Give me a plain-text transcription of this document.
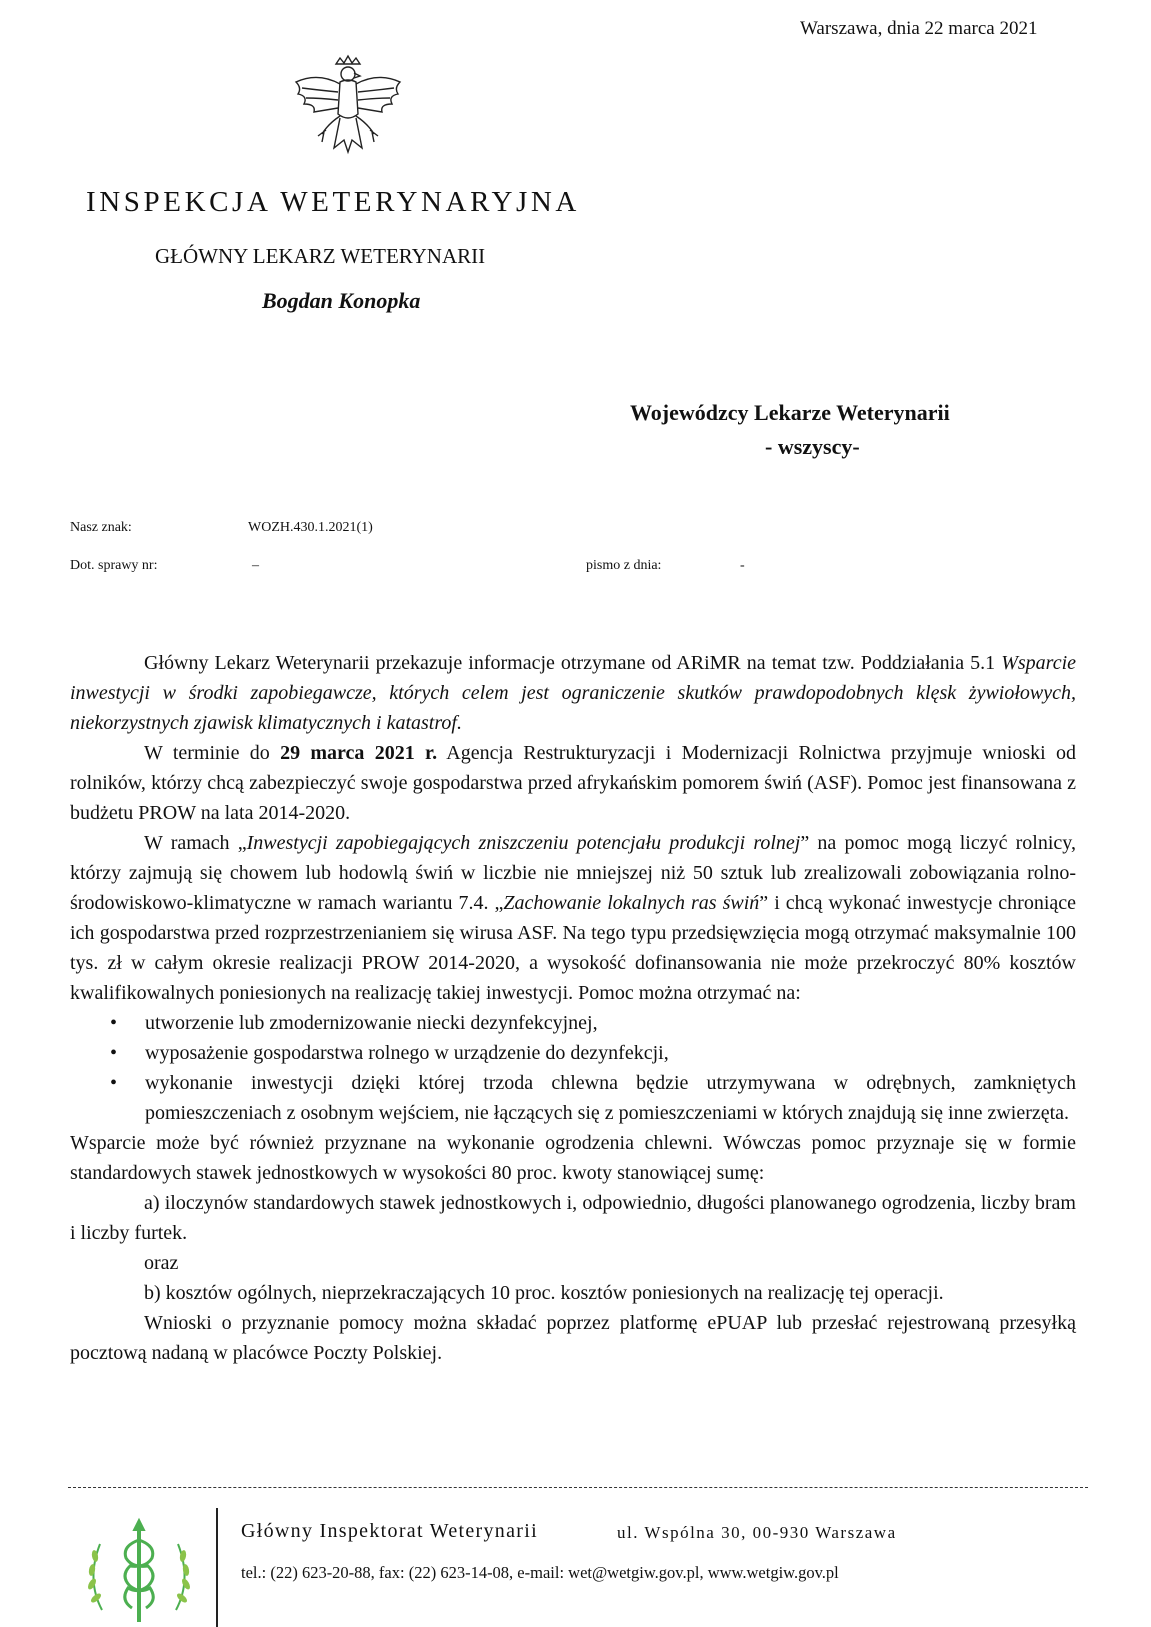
Warszawa, dnia 22 marca 2021
INSPEKCJA WETERYNARYJNA
GŁÓWNY LEKARZ WETERYNARII
Bogdan Konopka
Wojewódzcy Lekarze Weterynarii
- wszyscy-
Nasz znak:	WOZH.430.1.2021(1)
Dot. sprawy nr:	–	pismo z dnia:	-

Główny Lekarz Weterynarii przekazuje informacje otrzymane od ARiMR na temat tzw. Poddziałania 5.1 Wsparcie inwestycji w środki zapobiegawcze, których celem jest ograniczenie skutków prawdopodobnych klęsk żywiołowych, niekorzystnych zjawisk klimatycznych i katastrof.

W terminie do 29 marca 2021 r. Agencja Restrukturyzacji i Modernizacji Rolnictwa przyjmuje wnioski od rolników, którzy chcą zabezpieczyć swoje gospodarstwa przed afrykańskim pomorem świń (ASF). Pomoc jest finansowana z budżetu PROW na lata 2014-2020.

W ramach „Inwestycji zapobiegających zniszczeniu potencjału produkcji rolnej” na pomoc mogą liczyć rolnicy, którzy zajmują się chowem lub hodowlą świń w liczbie nie mniejszej niż 50 sztuk lub zrealizowali zobowiązania rolno-środowiskowo-klimatyczne w ramach wariantu 7.4. „Zachowanie lokalnych ras świń” i chcą wykonać inwestycje chroniące ich gospodarstwa przed rozprzestrzenianiem się wirusa ASF. Na tego typu przedsięwzięcia mogą otrzymać maksymalnie 100 tys. zł w całym okresie realizacji PROW 2014-2020, a wysokość dofinansowania nie może przekroczyć 80% kosztów kwalifikowalnych poniesionych na realizację takiej inwestycji. Pomoc można otrzymać na:

• utworzenie lub zmodernizowanie niecki dezynfekcyjnej,
• wyposażenie gospodarstwa rolnego w urządzenie do dezynfekcji,
• wykonanie inwestycji dzięki której trzoda chlewna będzie utrzymywana w odrębnych, zamkniętych pomieszczeniach z osobnym wejściem, nie łączących się z pomieszczeniami w których znajdują się inne zwierzęta.

Wsparcie może być również przyznane na wykonanie ogrodzenia chlewni. Wówczas pomoc przyznaje się w formie standardowych stawek jednostkowych w wysokości 80 proc. kwoty stanowiącej sumę:

a) iloczynów standardowych stawek jednostkowych i, odpowiednio, długości planowanego ogrodzenia, liczby bram i liczby furtek.

oraz

b) kosztów ogólnych, nieprzekraczających 10 proc. kosztów poniesionych na realizację tej operacji.

Wnioski o przyznanie pomocy można składać poprzez platformę ePUAP lub przesłać rejestrowaną przesyłką pocztową nadaną w placówce Poczty Polskiej.

Główny Inspektorat Weterynarii	ul. Wspólna 30, 00-930 Warszawa
tel.: (22) 623-20-88, fax: (22) 623-14-08, e-mail: wet@wetgiw.gov.pl, www.wetgiw.gov.pl
